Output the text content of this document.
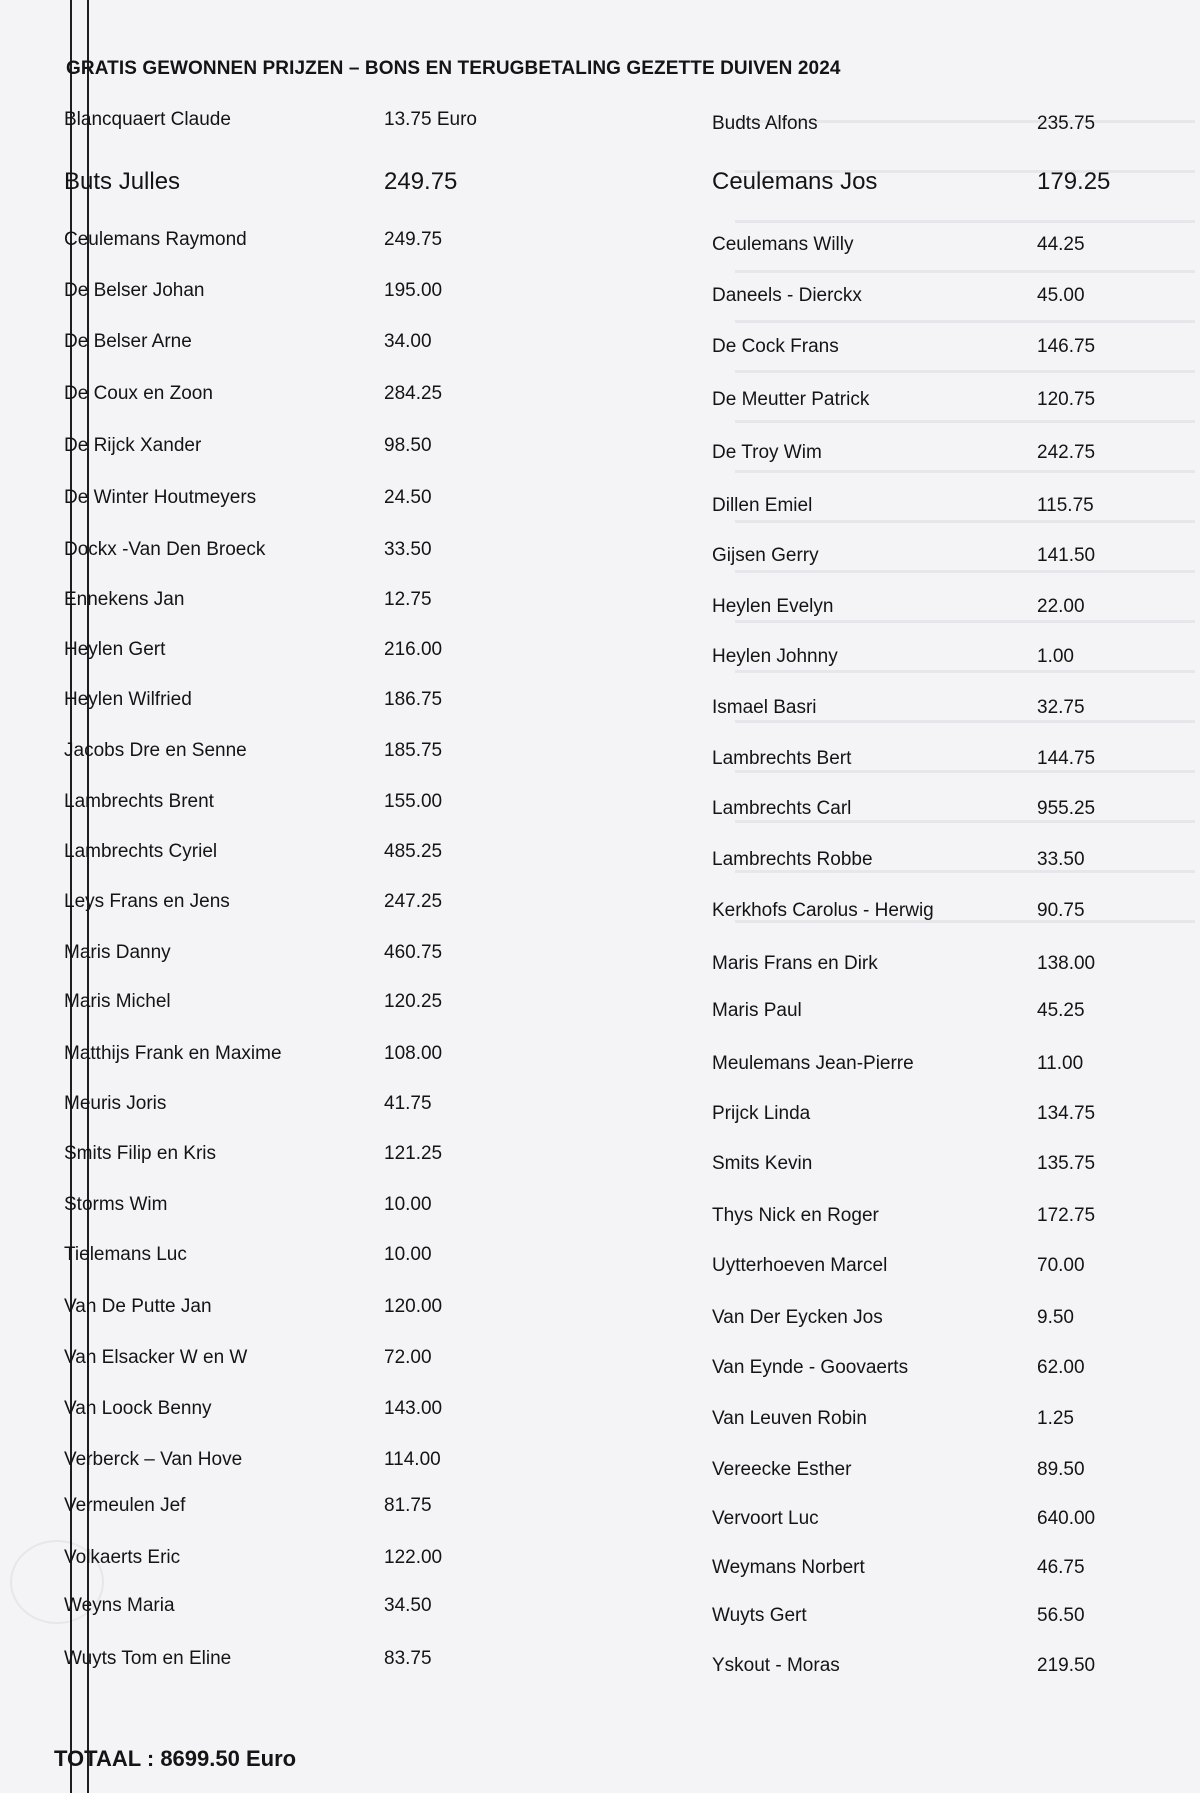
GRATIS GEWONNEN PRIJZEN – BONS EN TERUGBETALING GEZETTE DUIVEN 2024
Blancquaert Claude	13.75 Euro
Buts Julles	249.75
Ceulemans Raymond	249.75
De Belser Johan	195.00
De Belser Arne	34.00
De Coux en Zoon	284.25
De Rijck Xander	98.50
De Winter Houtmeyers	24.50
Dockx -Van Den Broeck	33.50
Ennekens Jan	12.75
Heylen Gert	216.00
Heylen Wilfried	186.75
Jacobs Dre en Senne	185.75
Lambrechts Brent	155.00
Lambrechts Cyriel	485.25
Leys Frans en Jens	247.25
Maris Danny	460.75
Maris Michel	120.25
Matthijs Frank en Maxime	108.00
Meuris Joris	41.75
Smits Filip en Kris	121.25
Storms Wim	10.00
Tielemans Luc	10.00
Van De Putte Jan	120.00
Van Elsacker W en W	72.00
Van Loock Benny	143.00
Verberck – Van Hove	114.00
Vermeulen Jef	81.75
Volkaerts Eric	122.00
Weyns Maria	34.50
Wuyts Tom en Eline	83.75
Budts Alfons	235.75
Ceulemans Jos	179.25
Ceulemans Willy	44.25
Daneels - Dierckx	45.00
De Cock Frans	146.75
De Meutter Patrick	120.75
De Troy Wim	242.75
Dillen Emiel	115.75
Gijsen Gerry	141.50
Heylen Evelyn	22.00
Heylen Johnny	1.00
Ismael Basri	32.75
Lambrechts Bert	144.75
Lambrechts Carl	955.25
Lambrechts Robbe	33.50
Kerkhofs Carolus - Herwig	90.75
Maris Frans en Dirk	138.00
Maris Paul	45.25
Meulemans Jean-Pierre	11.00
Prijck Linda	134.75
Smits Kevin	135.75
Thys Nick en Roger	172.75
Uytterhoeven Marcel	70.00
Van Der Eycken Jos	9.50
Van Eynde - Goovaerts	62.00
Van Leuven Robin	1.25
Vereecke Esther	89.50
Vervoort Luc	640.00
Weymans Norbert	46.75
Wuyts Gert	56.50
Yskout - Moras	219.50
TOTAAL : 8699.50 Euro
